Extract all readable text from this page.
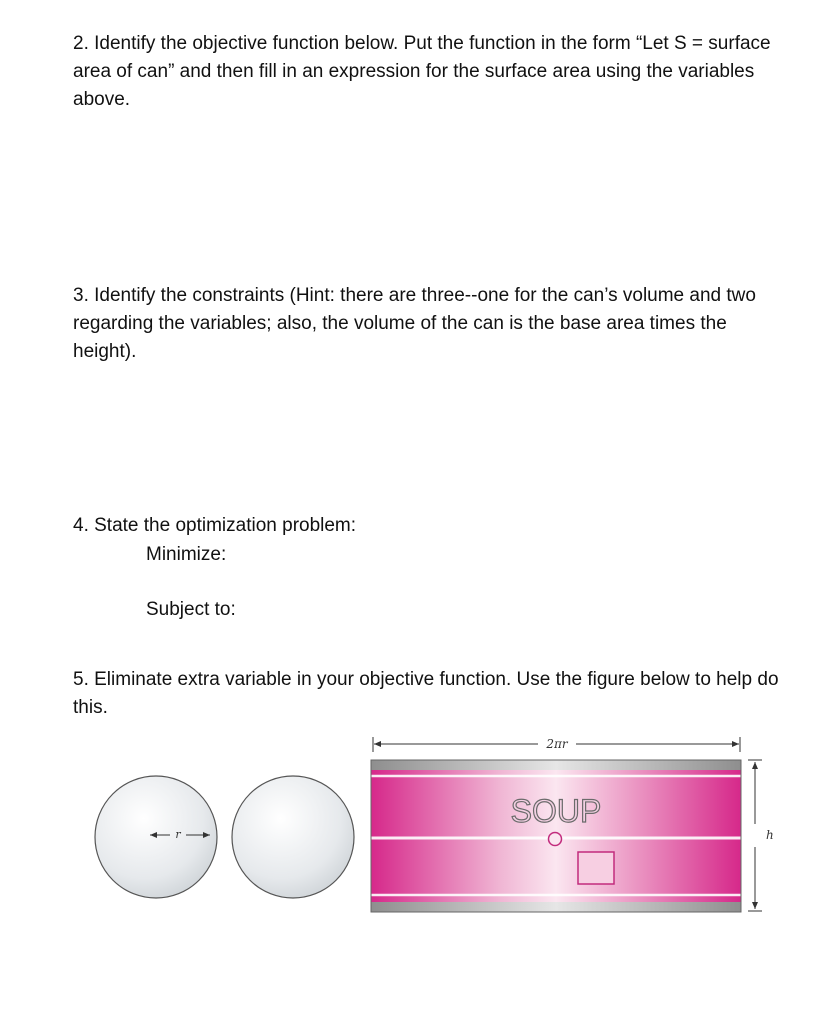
2. Identify the objective function below. Put the function in the form “Let S = surface area of can” and then fill in an expression for the surface area using the variables above.
3. Identify the constraints (Hint: there are three--one for the can’s volume and two regarding the variables; also, the volume of the can is the base area times the height).
4. State the optimization problem:
Minimize:
Subject to:
5. Eliminate extra variable in your objective function. Use the figure below to help do this.
r
2πr
SOUP
h
